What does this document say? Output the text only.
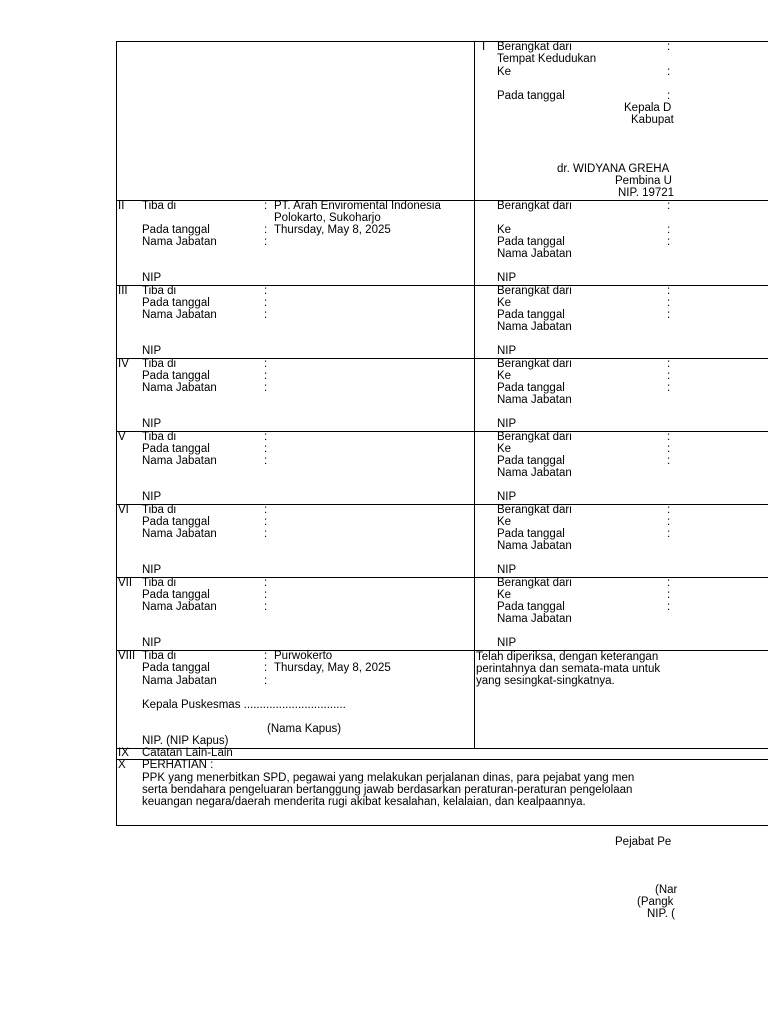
I Berangkat dari	:
Tempat Kedudukan
Ke	:
Pada tanggal	:
Kepala D
Kabupat
dr. WIDYANA GREHA
Pembina U
NIP. 19721
II Tiba di	: PT. Arah Enviromental Indonesia
Polokarto, Sukoharjo
Pada tanggal	: Thursday, May 8, 2025
Nama Jabatan	:
NIP
Berangkat dari	:
Ke	:
Pada tanggal	:
Nama Jabatan
NIP
III Tiba di	:
Pada tanggal	:
Nama Jabatan	:
NIP
Berangkat dari	:
Ke	:
Pada tanggal	:
Nama Jabatan
NIP
IV Tiba di	:
Pada tanggal	:
Nama Jabatan	:
NIP
Berangkat dari	:
Ke	:
Pada tanggal	:
Nama Jabatan
NIP
V Tiba di	:
Pada tanggal	:
Nama Jabatan	:
NIP
Berangkat dari	:
Ke	:
Pada tanggal	:
Nama Jabatan
NIP
VI Tiba di	:
Pada tanggal	:
Nama Jabatan	:
NIP
Berangkat dari	:
Ke	:
Pada tanggal	:
Nama Jabatan
NIP
VII Tiba di	:
Pada tanggal	:
Nama Jabatan	:
NIP
Berangkat dari	:
Ke	:
Pada tanggal	:
Nama Jabatan
NIP
VIII Tiba di	: Purwokerto
Pada tanggal	: Thursday, May 8, 2025
Nama Jabatan	:
Kepala Puskesmas ................................
(Nama Kapus)
NIP. (NIP Kapus)
Telah diperiksa, dengan keterangan
perintahnya dan semata-mata untuk
yang sesingkat-singkatnya.
IX Catatan Lain-Lain
X PERHATIAN :
PPK yang menerbitkan SPD, pegawai yang melakukan perjalanan dinas, para pejabat yang men
serta bendahara pengeluaran bertanggung jawab berdasarkan peraturan-peraturan pengelolaan
keuangan negara/daerah menderita rugi akibat kesalahan, kelalaian, dan kealpaannya.
Pejabat Pe
(Nar
(Pangk
NIP. (
